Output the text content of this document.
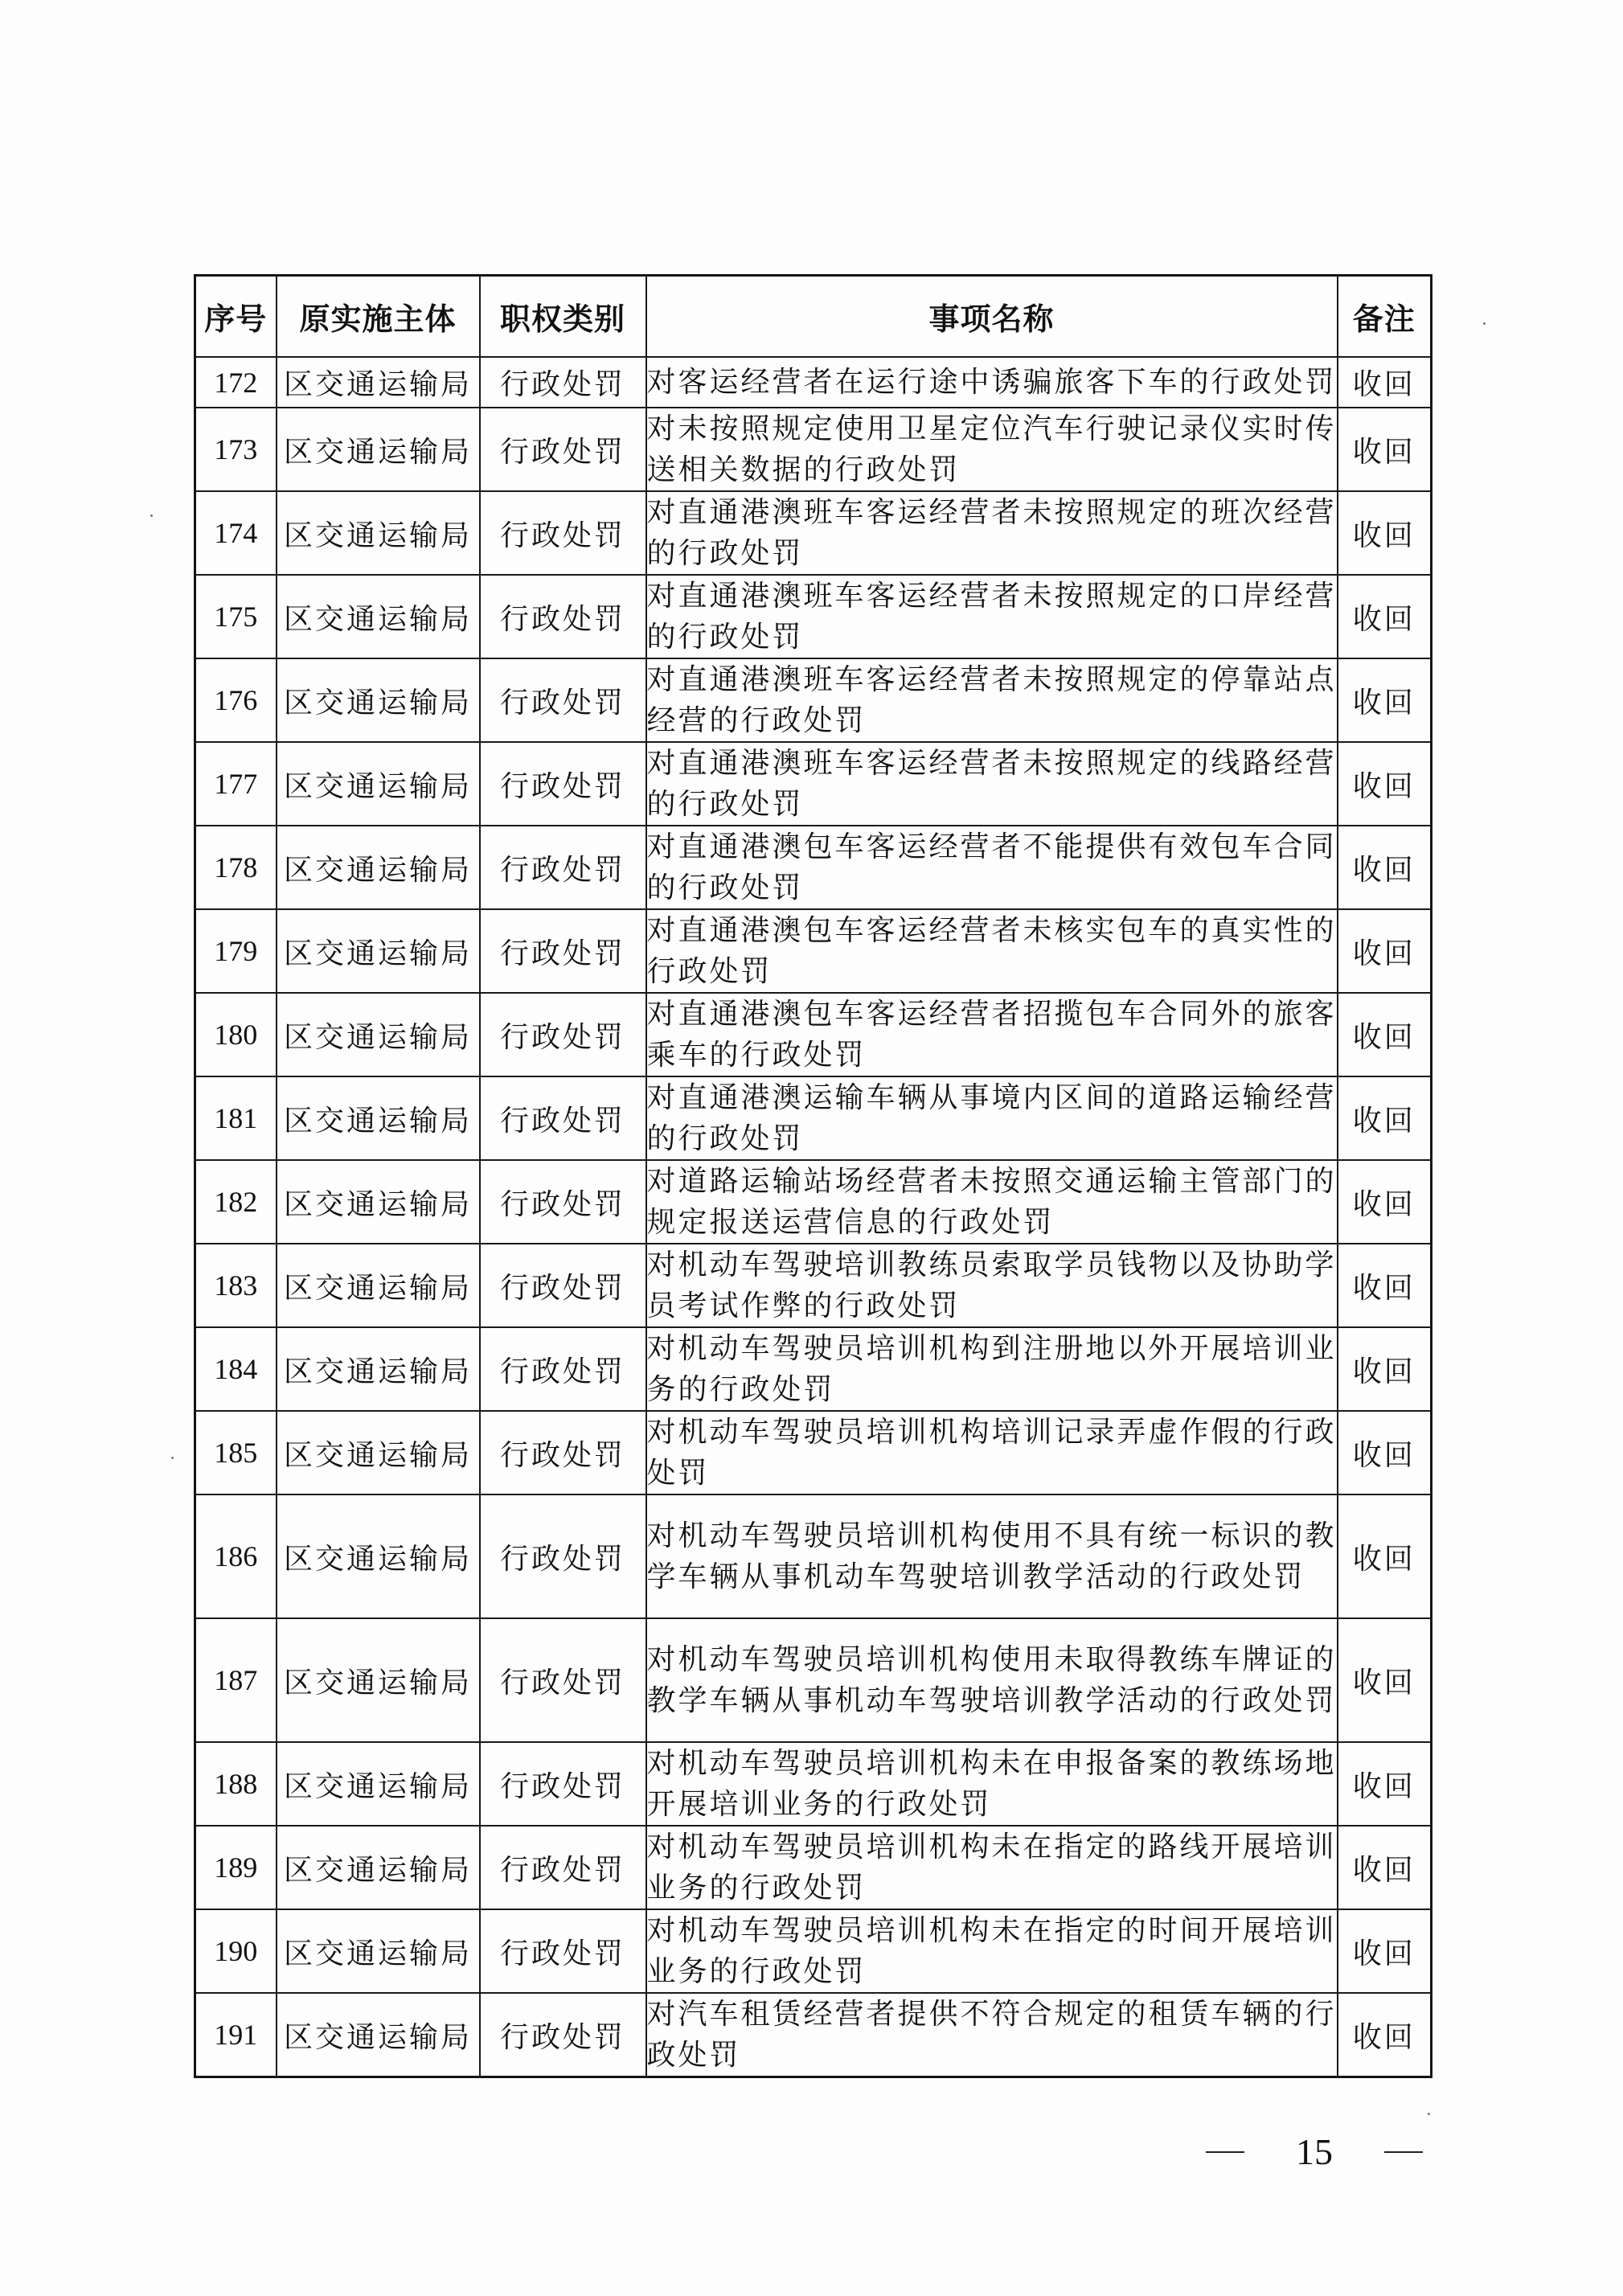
序号	原实施主体	职权类别	事项名称	备注
172	区交通运输局	行政处罚	对客运经营者在运行途中诱骗旅客下车的行政处罚	收回
173	区交通运输局	行政处罚	对未按照规定使用卫星定位汽车行驶记录仪实时传送相关数据的行政处罚	收回
174	区交通运输局	行政处罚	对直通港澳班车客运经营者未按照规定的班次经营的行政处罚	收回
175	区交通运输局	行政处罚	对直通港澳班车客运经营者未按照规定的口岸经营的行政处罚	收回
176	区交通运输局	行政处罚	对直通港澳班车客运经营者未按照规定的停靠站点经营的行政处罚	收回
177	区交通运输局	行政处罚	对直通港澳班车客运经营者未按照规定的线路经营的行政处罚	收回
178	区交通运输局	行政处罚	对直通港澳包车客运经营者不能提供有效包车合同的行政处罚	收回
179	区交通运输局	行政处罚	对直通港澳包车客运经营者未核实包车的真实性的行政处罚	收回
180	区交通运输局	行政处罚	对直通港澳包车客运经营者招揽包车合同外的旅客乘车的行政处罚	收回
181	区交通运输局	行政处罚	对直通港澳运输车辆从事境内区间的道路运输经营的行政处罚	收回
182	区交通运输局	行政处罚	对道路运输站场经营者未按照交通运输主管部门的规定报送运营信息的行政处罚	收回
183	区交通运输局	行政处罚	对机动车驾驶培训教练员索取学员钱物以及协助学员考试作弊的行政处罚	收回
184	区交通运输局	行政处罚	对机动车驾驶员培训机构到注册地以外开展培训业务的行政处罚	收回
185	区交通运输局	行政处罚	对机动车驾驶员培训机构培训记录弄虚作假的行政处罚	收回
186	区交通运输局	行政处罚	对机动车驾驶员培训机构使用不具有统一标识的教学车辆从事机动车驾驶培训教学活动的行政处罚	收回
187	区交通运输局	行政处罚	对机动车驾驶员培训机构使用未取得教练车牌证的教学车辆从事机动车驾驶培训教学活动的行政处罚	收回
188	区交通运输局	行政处罚	对机动车驾驶员培训机构未在申报备案的教练场地开展培训业务的行政处罚	收回
189	区交通运输局	行政处罚	对机动车驾驶员培训机构未在指定的路线开展培训业务的行政处罚	收回
190	区交通运输局	行政处罚	对机动车驾驶员培训机构未在指定的时间开展培训业务的行政处罚	收回
191	区交通运输局	行政处罚	对汽车租赁经营者提供不符合规定的租赁车辆的行政处罚	收回
15
